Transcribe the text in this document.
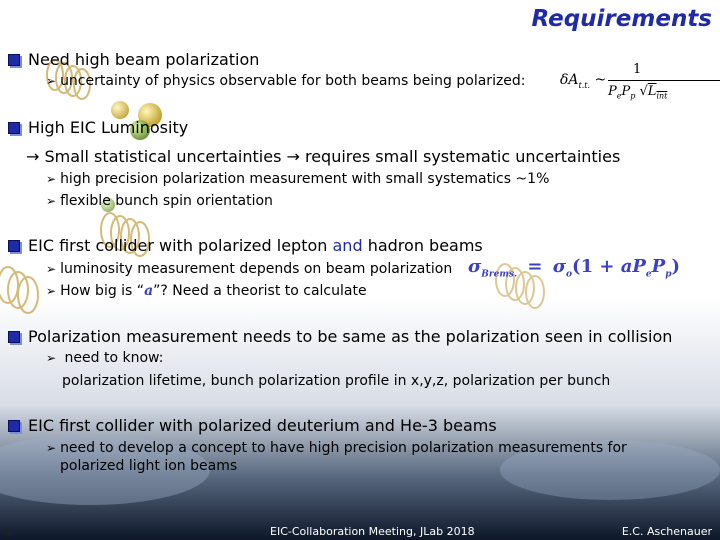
Requirements
Need high beam polarization
➢ uncertainty of physics observable for both beams being polarized: $\delta A_{t.t.}$ ~
1
$P_eP_p$ $√L_{int}$
High EIC Luminosity
→ Small statistical uncertainties → requires small systematic uncertainties
➢ high precision polarization measurement with small systematics ~1%
➢ flexible bunch spin orientation
EIC first collider with polarized lepton and hadron beams
➢ luminosity measurement depends on beam polarization
➢ How big is “a”? Need a theorist to calculate
$\sigma_{Brems.} = \sigma_o(1 + aP_eP_p)$
Polarization measurement needs to be same as the polarization seen in collision
➢ need to know:
polarization lifetime, bunch polarization profile in x,y,z, polarization per bunch
EIC first collider with polarized deuterium and He-3 beams
➢ need to develop a concept to have high precision polarization measurements for
polarized light ion beams
2	EIC-Collaboration Meeting, JLab 2018	E.C. Aschenauer
